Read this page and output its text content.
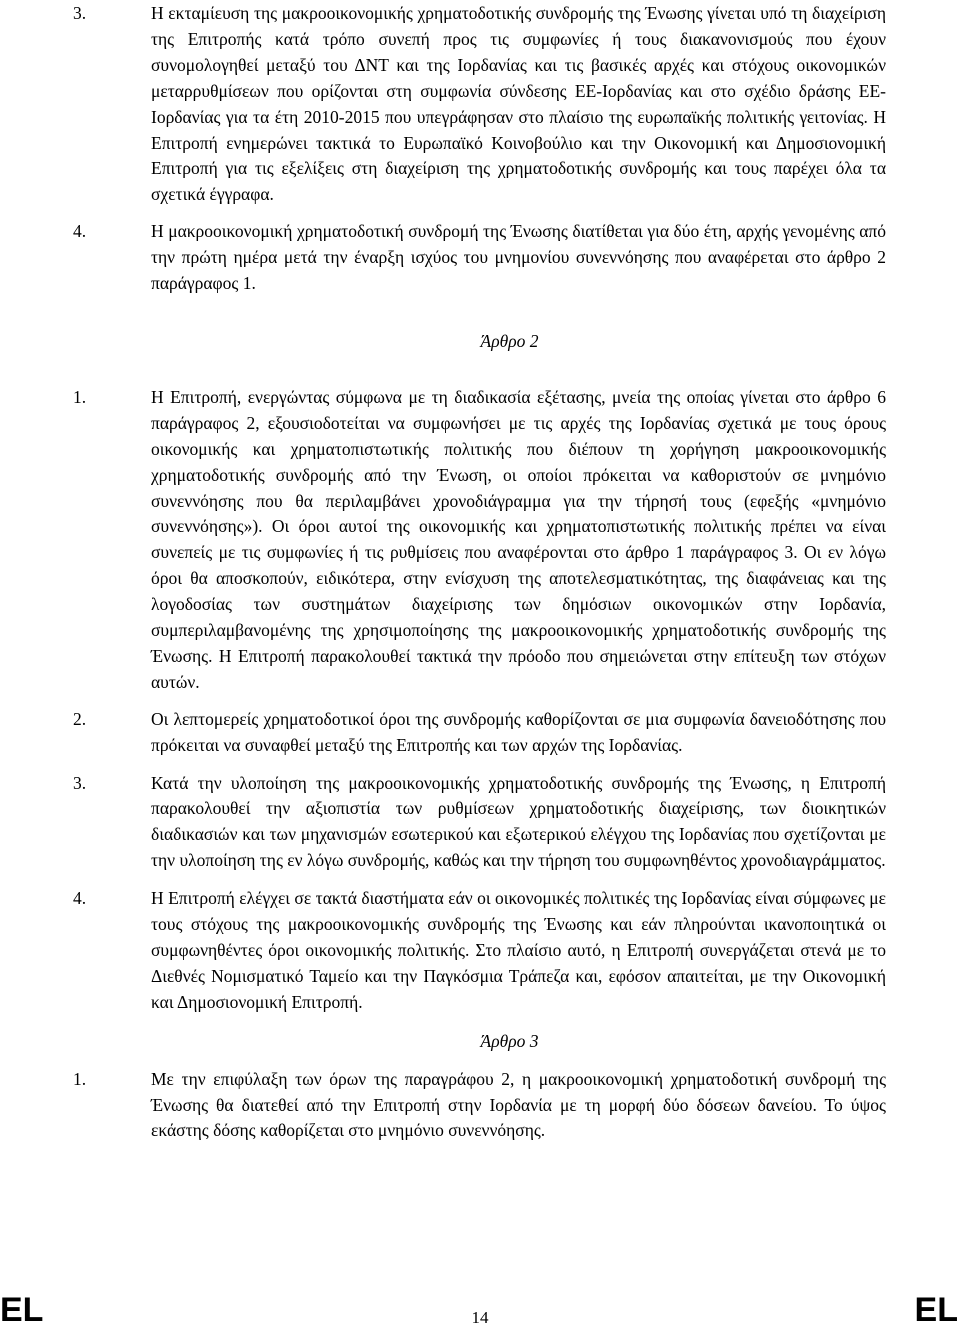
3.	Η εκταμίευση της μακροοικονομικής χρηματοδοτικής συνδρομής της Ένωσης γίνεται υπό τη διαχείριση της Επιτροπής κατά τρόπο συνεπή προς τις συμφωνίες ή τους διακανονισμούς που έχουν συνομολογηθεί μεταξύ του ΔΝΤ και της Ιορδανίας και τις βασικές αρχές και στόχους οικονομικών μεταρρυθμίσεων που ορίζονται στη συμφωνία σύνδεσης ΕΕ-Ιορδανίας και στο σχέδιο δράσης ΕΕ-Ιορδανίας για τα έτη 2010-2015 που υπεγράφησαν στο πλαίσιο της ευρωπαϊκής πολιτικής γειτονίας. Η Επιτροπή ενημερώνει τακτικά το Ευρωπαϊκό Κοινοβούλιο και την Οικονομική και Δημοσιονομική Επιτροπή για τις εξελίξεις στη διαχείριση της χρηματοδοτικής συνδρομής και τους παρέχει όλα τα σχετικά έγγραφα.

4.	Η μακροοικονομική χρηματοδοτική συνδρομή της Ένωσης διατίθεται για δύο έτη, αρχής γενομένης από την πρώτη ημέρα μετά την έναρξη ισχύος του μνημονίου συνεννόησης που αναφέρεται στο άρθρο 2 παράγραφος 1.

Άρθρο 2

1.	Η Επιτροπή, ενεργώντας σύμφωνα με τη διαδικασία εξέτασης, μνεία της οποίας γίνεται στο άρθρο 6 παράγραφος 2, εξουσιοδοτείται να συμφωνήσει με τις αρχές της Ιορδανίας σχετικά με τους όρους οικονομικής και χρηματοπιστωτικής πολιτικής που διέπουν τη χορήγηση μακροοικονομικής χρηματοδοτικής συνδρομής από την Ένωση, οι οποίοι πρόκειται να καθοριστούν σε μνημόνιο συνεννόησης που θα περιλαμβάνει χρονοδιάγραμμα για την τήρησή τους (εφεξής «μνημόνιο συνεννόησης»). Οι όροι αυτοί της οικονομικής και χρηματοπιστωτικής πολιτικής πρέπει να είναι συνεπείς με τις συμφωνίες ή τις ρυθμίσεις που αναφέρονται στο άρθρο 1 παράγραφος 3. Οι εν λόγω όροι θα αποσκοπούν, ειδικότερα, στην ενίσχυση της αποτελεσματικότητας, της διαφάνειας και της λογοδοσίας των συστημάτων διαχείρισης των δημόσιων οικονομικών στην Ιορδανία, συμπεριλαμβανομένης της χρησιμοποίησης της μακροοικονομικής χρηματοδοτικής συνδρομής της Ένωσης. Η Επιτροπή παρακολουθεί τακτικά την πρόοδο που σημειώνεται στην επίτευξη των στόχων αυτών.

2.	Οι λεπτομερείς χρηματοδοτικοί όροι της συνδρομής καθορίζονται σε μια συμφωνία δανειοδότησης που πρόκειται να συναφθεί μεταξύ της Επιτροπής και των αρχών της Ιορδανίας.

3.	Κατά την υλοποίηση της μακροοικονομικής χρηματοδοτικής συνδρομής της Ένωσης, η Επιτροπή παρακολουθεί την αξιοπιστία των ρυθμίσεων χρηματοδοτικής διαχείρισης, των διοικητικών διαδικασιών και των μηχανισμών εσωτερικού και εξωτερικού ελέγχου της Ιορδανίας που σχετίζονται με την υλοποίηση της εν λόγω συνδρομής, καθώς και την τήρηση του συμφωνηθέντος χρονοδιαγράμματος.

4.	Η Επιτροπή ελέγχει σε τακτά διαστήματα εάν οι οικονομικές πολιτικές της Ιορδανίας είναι σύμφωνες με τους στόχους της μακροοικονομικής συνδρομής της Ένωσης και εάν πληρούνται ικανοποιητικά οι συμφωνηθέντες όροι οικονομικής πολιτικής. Στο πλαίσιο αυτό, η Επιτροπή συνεργάζεται στενά με το Διεθνές Νομισματικό Ταμείο και την Παγκόσμια Τράπεζα και, εφόσον απαιτείται, με την Οικονομική και Δημοσιονομική Επιτροπή.

Άρθρο 3

1.	Με την επιφύλαξη των όρων της παραγράφου 2, η μακροοικονομική χρηματοδοτική συνδρομή της Ένωσης θα διατεθεί από την Επιτροπή στην Ιορδανία με τη μορφή δύο δόσεων δανείου. Το ύψος εκάστης δόσης καθορίζεται στο μνημόνιο συνεννόησης.

EL	14	EL
